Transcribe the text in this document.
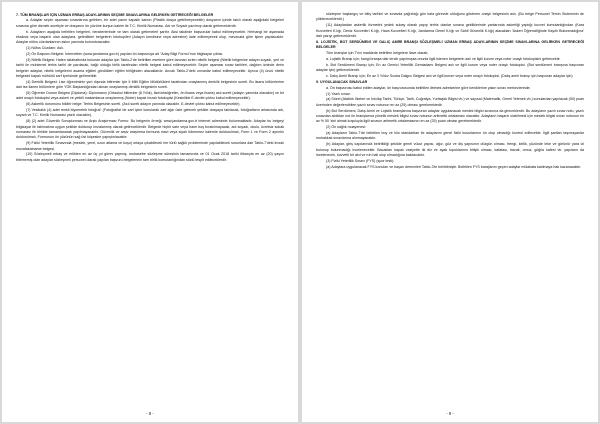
7. TÜM BRANŞLAR İÇİN UZMAN ERBAŞ ADAYLARININ SEÇİME SINAVLARINA GELİRKEN GETİRECEĞİ BELGELER

a. Adaylar seçim aşaması sınavlarına gelirken, bir adet yarım kapaklı karton (Plastik dosya getirilmeyecektir) dosyanın içinde takılı olarak aşağıdaki belgeleri sırasına göre dizmek suretiyle ve dosyanın ön yüzüne kurşun kalem ile T.C. Kimlik Numarası, Adı ve Soyadı yazılmış olarak getireceklerdir.

b. Adayların aşağıda belirtilen belgeleri, beraberlerinde ve tam olarak getirmeleri şarttır. Aksi takdirde başvurular kabul edilmeyecektir. Herhangi bir aşamada eksiksiz veya başarılı olan adaylara, getirdikleri belgelerin fotokopileri (Adayın kendisine veya adresine) iade edilmeyecek olup, mevzuata göre işlem yapılacaktır. Adaylar nüfus cüzdanlarının aslını yanında bulunduracaktır.

(1) Nüfus Cüzdanı: Aslı.

(2) Ön Başvuru Belgesi: İnternetten (www.jandarma.gov.tr) yapılan ön başvuruya ait "Aday Bilgi Formu"nun bilgisayar çıktısı.

(3) Nitelik Belgesi: Hafen sklahattında bulunan adaylar için Tablo-2'de belirtilen eserlere göre tanınan sırlen nitelik belgesi (Nitelik belgesine adayın soyadı, yeri ve tarihi ile muhtemel terhis tarihi de yazılacak, bağlı olduğu birlik tarafından nitelik belgesi kabul edilmeyecektir. Seçim aşaması sınav tarihleri, dağıtım izninde derin belgeler adaylar, nitelik belgelerini asama eğitimi gördükleri eğitim birliğinden alacaklardır. Ancak Tablo-2'deki unvanlar kabul edilmeyecektir. Ayrıca (4) üncü nitelik belgesini kapalı mühürlü zarf içerisinde getirmelidir.

(4) Denklik Belgesi: Lise öğreniminin yurt dışında bitirenler için İl Milli Eğitim Müdürlükleri tarafından onaylanmış denklik belgesinin sureti. Bu lisans bölümlerine dair ise ilanen bölümlere göre YÖK Başkanlığından alınan onaylanmış denklik belgesinin sureti.

(5) Öğrenim Durum Belgesi (Diploma): Diplomanın (Ortaokul bitirenler (8 Yıllık), lise/ortaöğretim, ön lisans veya lisans) asıl sureti (adayın yanında olacaktır) ve bir adet onaylı fotokopisi veya askeri ve yetkili makamlarca onaylanmış (Noter) kapalı imzalı fotokopisi (Kesinlikle E-devlet çıktısı kabul edilmeyecektir).

(6) Askerlik durumunu bildirir belge: Terhis Belgesinin sureti. (Asıl sureti adayın yanında olacaktır. E-devlet çıktısı kabul edilmeyecektir).

(7) Vesikalık (4) adet renkli biyometrik fotoğraf. (Fotoğraflar bir zarf içine konularak zarf ağzı üste gelecek şekilde dosyaya takılacak, fotoğrafların arkasında adı, soyadı ve T.C. Kimlik Numarası yazılı olacaktır).

(8) (2) adet Güvenlik Soruşturması ve Arşiv Araştırması Formu: Bu belgenin örneği, www.jandarma.gov.tr internet adresinde bulunmaktadır. Adaylar bu belgeyi bilgisayar ile tabimatına uygun şekilde doldurup imzalanmış olarak getireceklerdir. Belgede hiçbir satır veya hane boş bırakılmayacak, adı soyadı, okulu, ücretsiz sokak numarası ile birlikte tamamlanarak yapılmayacaktır. Güvenlik ve arşiv araştırma formuna mavi veya siyah tükenmez kalemle doldurulmalı, Form 1 ve Form 2 ayrıntılı doldurulmalı, Formunun ön yüzünün sağ üst köşesine yapıştırılacaktır.

(9) Fiziki Yeterlilik Sınavında (meslek, yerel, uzun atlama ve koşu) ortaya çıkabilecek her türlü sağlık probleminde yapılabilecek sorunlara dair Tablo-7'deki imzalı muvafakatname belgesi.

(10) Sözleşmeli erbaş ve erlikten en az üç yıl görev yapmış, muhasebe sözleşme süresinin tamamında ve 01 Ocak 2018 tarihi itibarıyla en az (20) yaşını bitirmemiş olan adaylar sözleşmeli personel olarak yapılan başvuru belgelerinin tam birlik komutanlığından sözlü tespit edileceklerdir.

- 8 -

sözleşme başlangıç ve bitiş tarihini ve sınavda çağrıldığı gün hala görevde olduğunu gösteren onaylı belgesinin aslı. (Bu belge Personel Temin Sisteminin de yükleneceklerdir.)

(11) Adaylardan askerlik hizmetini yedek subay olarak yapıp terhis olanlar sınava geldiklerinde yanlarında askerliği yaptığı kuvvet komutanlığından (Kara Kuvvetleri K.lığı, Deniz Kuvvetleri K.lığı, Hava Kuvvetleri K.lığı, Jandarma Genel K.lığı ve Sahil Güvenlik K.lığı) alacakları 'Askeri Öğrenciliğinde Kayıtlı Bulunmadığına' dair yazıyı getireceklerdir.

8. LOJİSTİK, BOT SERDÜMENİ VE DALIÇ AMİRİ BRANŞI SÖZLEŞMELİ UZMAN ERBAŞ ADAYLARININ SEÇİME SINAVLARINA GELİRKEN GETİRECEĞİ BELGELER

Tüm branşlar için 7'nci maddede belirtilen belgelere ilave olarak;

a. Lojistik Branşı için; hangi branşa dair tercih yapılmışsa onunla ilgili istenen belgelerin aslı ve ilgili kurum veya noter onaylı fotokopisini getirecektir.

b. Bot Serdümeni Branşı için; En az Gemici Yeterlilik Gemiadamı Belgesi aslı ve ilgili kurum veya noter onaylı fotokopisi. (Bot serdümeni branşına başvuran adaylar için) getireceklerdir.

c. Dalış Amiri Branşı için; En az 3 Yıldız Scuba Dalgıcı Belgesi aslı ve ilgili kurum veya noter onaylı fotokopisi. (Dalış amiri branşı için başvuran adaylar için)

9. UYGULANACAK SINAVLAR

a. Ön başvurusu kabul edilen adaylar, ön başvurusunda belirtilen iletmek adreslerine göre kendilerine yakın sınav merkezlerinde;

(1) Yazılı sınav:

(a) Sözel (Atatürk İlkeleri ve İnkılâp Tarihi, Türkçe, Tarih, Coğrafya, Yurttaşlık Bilgisi vb.) ve sayısal (Matematik, Genel Yetenek vb.) konulardan yapılacak (50) puan üzerinden değerlendirilen yazılı sınav notunun en az (25) olması gerekmektedir.

(b) Bot Serdümeni, Dalış Amiri ve Lojistik branşlarına başvuran adaylar uygulanacak meslek bilgisi sınavına da gireceklerdir. Bu adayların yazılı sınav notu, yazılı sınavdan aldıkları not ile branşlarına yönelik meslek bilgisi sınav notunun aritmetik ortalaması olacaktır. Adayların başarılı olabilmesi için meslek bilgisi sınav notunun en az % 50 'sini almak koşuluyla ilgili sınavın aritmetik ortalamasının en az (25) puan olması gerekmektedir.

(2) Ön sağlık muayenesi:

(a) Adayların Tablo-7'de belirtilen boy ve kilo standartları ile adaylarını genel fiziki kusurlarının ön olup olmadığı kontrol edilecektir. İlgili şartları taşımayanlar muhakkak sınavlarına alınmayacaktır.

(b) Adaylar, giriş kapılarında belirtildiği şekilde genel vücut yapısı, ağız, göz ve diş yapısının düzgün olması, frengi, kellik, yüzünde leke ve görünür yara izi bulunup bulunmadığı incelenecektir. Bacakları kapalı vaziyette iki diz ve ayak topuklarının bitişik olması, kafatası, bacak, omuz, göğüs kafesi vb. yapıların da incelenecek, kuvvetli bir akıl ve ruh hali olup olmadığına bakılacaktır.

(3) Fiziki Yeterlilik Sınavı (FYS) (spor testi):

(a) Adaylara uygulanacak FYS konuları ve başarı dereceleri Tablo-3'te belirtilmiştir. Belirtilen FYS barajlarını geçen adaylar mülakata katılmaya hak kazanacaktır.

- 9 -
